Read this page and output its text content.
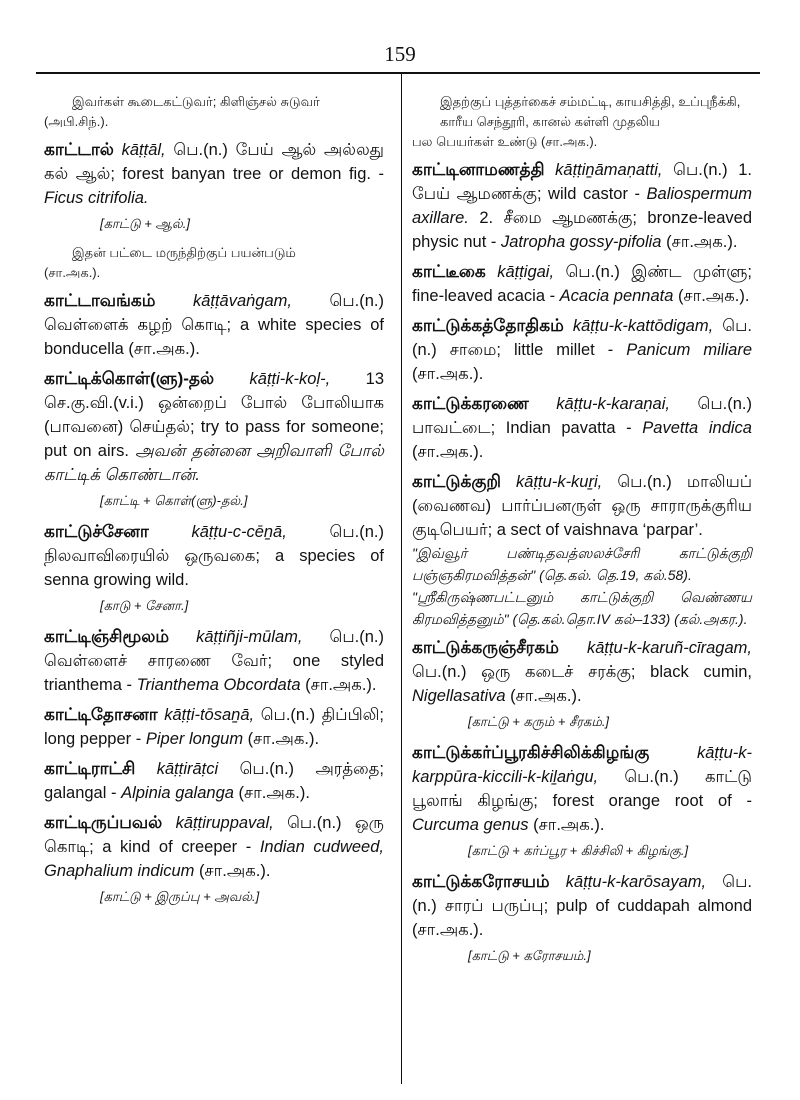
159
இவர்கள் கூடைகட்டுவர்; கிளிஞ்சல் சுடுவர்

(அபி.சிந்.).
காட்டால் kāṭṭāl, பெ.(n.) பேய் ஆல் அல்லது கல் ஆல்; forest banyan tree or demon fig. - Ficus citrifolia.
[காட்டு + ஆல்.]
இதன் பட்டை மருந்திற்குப் பயன்படும்

(சா.அக.).
காட்டாவங்கம் kāṭṭāvaṅgam, பெ.(n.) வெள்ளைக் கழற் கொடி; a white species of bonducella (சா.அக.).
காட்டிக்கொள்(ளு)-தல் kāṭṭi-k-koḷ-, 13 செ.கு.வி.(v.i.) ஒன்றைப் போல் போலியாக (பாவனை) செய்தல்; try to pass for someone; put on airs. அவன் தன்னை அறிவாளி போல் காட்டிக் கொண்டான்.
[காட்டி + கொள்(ளு)-தல்.]
காட்டுச்சேனா	kāṭṭu-c-cēṉā,	பெ.(n.) நிலவாவிரையில் ஒருவகை; a species of senna growing wild.
[காடு + சேனா.]
காட்டிஞ்சிமூலம் kāṭṭiñji-mūlam, பெ.(n.) வெள்ளைச் சாரணை வேர்; one styled trianthema - Trianthema Obcordata (சா.அக.).
காட்டிதோசனா kāṭṭi-tōsaṉā, பெ.(n.) திப்பிலி; long pepper - Piper longum (சா.அக.).
காட்டிராட்சி kāṭṭirāṭci பெ.(n.) அரத்தை; galangal - Alpinia galanga (சா.அக.).
காட்டிருப்பவல் kāṭṭiruppaval, பெ.(n.) ஒரு கொடி; a kind of creeper - Indian cudweed, Gnaphalium indicum (சா.அக.).
[காட்டு + இருப்பு + அவல்.]
இதற்குப் புத்தர்கைச் சம்மட்டி, காயசித்தி, உப்புநீக்கி, காரீய செந்தூரி, கானல் கள்ளி முதலிய

பல பெயர்கள் உண்டு (சா.அக.).
காட்டினாமணத்தி kāṭṭiṉāmaṇatti, பெ.(n.) 1. பேய் ஆமணக்கு; wild castor - Baliospermum axillare. 2. சீமை ஆமணக்கு; bronze-leaved physic nut - Jatropha gossy-pifolia (சா.அக.).
காட்டீகை kāṭṭigai, பெ.(n.) இண்ட முள்ளு; fine-leaved acacia - Acacia pennata (சா.அக.).
காட்டுக்கத்தோதிகம் kāṭṭu-k-kattōdigam, பெ.(n.) சாமை; little millet - Panicum miliare (சா.அக.).
காட்டுக்கரணை kāṭṭu-k-karaṇai, பெ.(n.) பாவட்டை; Indian pavatta - Pavetta indica (சா.அக.).
காட்டுக்குறி kāṭṭu-k-kuṟi, பெ.(n.) மாலியப் (வைணவ) பார்ப்பனருள் ஒரு சாராருக்குரிய குடிபெயர்; a sect of vaishnava ‘parpar’.
"இவ்வூர் பண்டிதவத்ஸலச்சேரி காட்டுக்குறி பஞ்ஞகிரமவித்தன்" (தெ.கல். தெ.19, கல்.58).
"ஸ்ரீகிருஷ்ணபட்டனும் காட்டுக்குறி வெண்ணய கிரமவித்தனும்" (தெ.கல்.தொ.IV கல்–133) (கல்.அகர.).
காட்டுக்கருஞ்சீரகம் kāṭṭu-k-karuñ-cīragam, பெ.(n.) ஒரு கடைச் சரக்கு; black cumin, Nigellasativa (சா.அக.).
[காட்டு + கரும் + சீரகம்.]
காட்டுக்கர்ப்பூரகிச்சிலிக்கிழங்கு	kāṭṭu-k-karppūra-kiccili-k-kiḻaṅgu, பெ.(n.) காட்டு பூலாங் கிழங்கு; forest orange root of - Curcuma genus (சா.அக.).
[காட்டு + கர்ப்பூர + கிச்சிலி + கிழங்கு.]
காட்டுக்கரோசயம் kāṭṭu-k-karōsayam, பெ.(n.) சாரப் பருப்பு; pulp of cuddapah almond (சா.அக.).
[காட்டு + கரோசயம்.]
